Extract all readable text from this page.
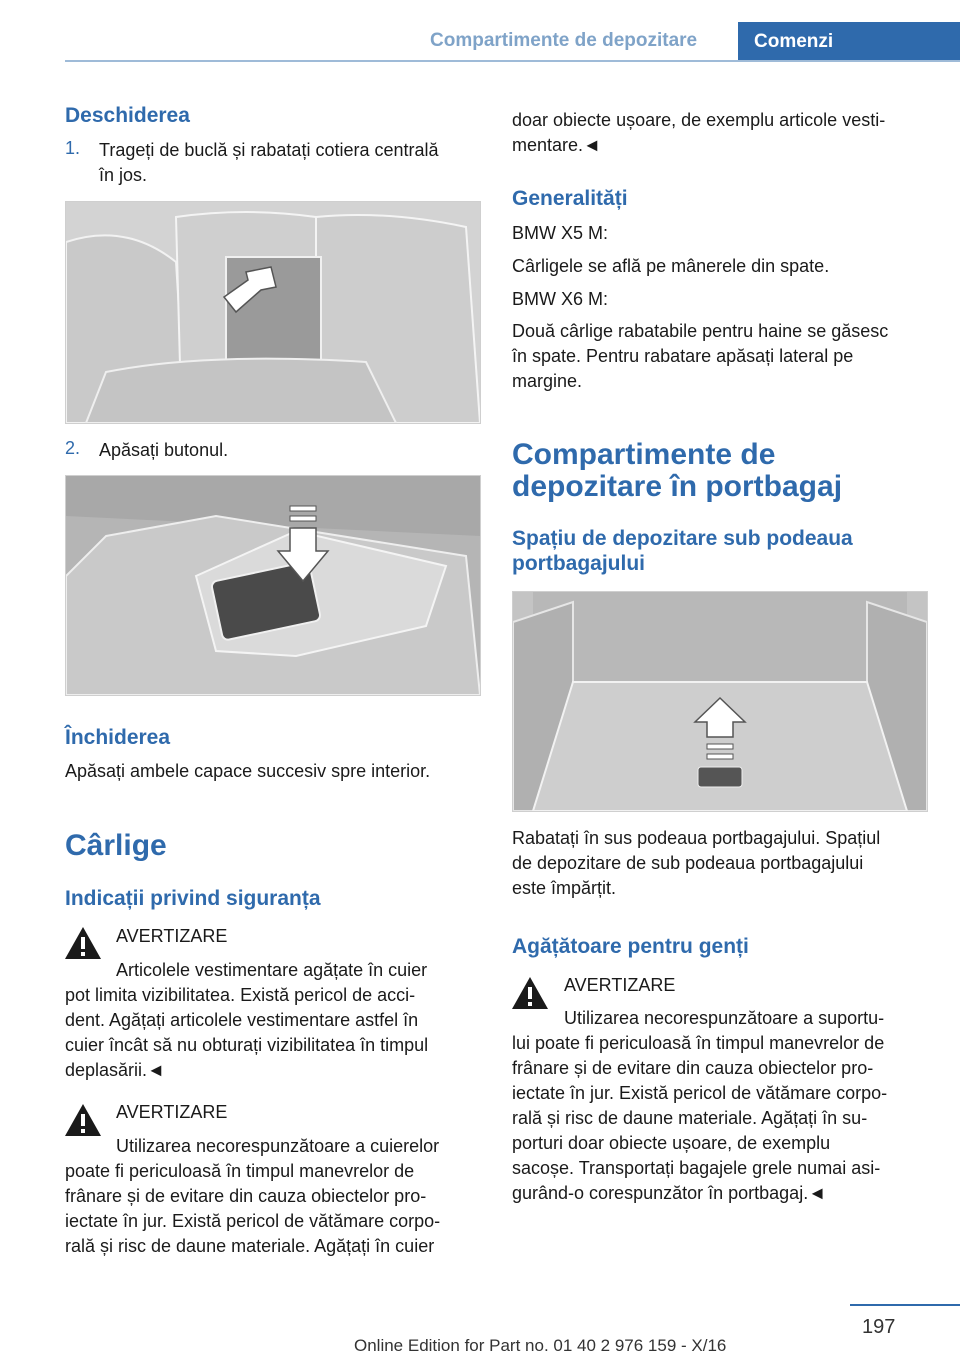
Compartimente de depozitare	Comenzi
Deschiderea
1. Trageți de buclă și rabatați cotiera centrală
în jos.
2. Apăsați butonul.
Închiderea
Apăsați ambele capace succesiv spre interior.
Cârlige
Indicații privind siguranța
AVERTIZARE
Articolele vestimentare agățate în cuier
pot limita vizibilitatea. Există pericol de acci-
dent. Agățați articolele vestimentare astfel în
cuier încât să nu obturați vizibilitatea în timpul
deplasării.◄
AVERTIZARE
Utilizarea necorespunzătoare a cuierelor
poate fi periculoasă în timpul manevrelor de
frânare și de evitare din cauza obiectelor pro-
iectate în jur. Există pericol de vătămare corpo-
rală și risc de daune materiale. Agățați în cuier
doar obiecte ușoare, de exemplu articole vesti-
mentare.◄
Generalități
BMW X5 M:
Cârligele se află pe mânerele din spate.
BMW X6 M:
Două cârlige rabatabile pentru haine se găsesc
în spate. Pentru rabatare apăsați lateral pe
margine.
Compartimente de
depozitare în portbagaj
Spațiu de depozitare sub podeaua
portbagajului
Rabatați în sus podeaua portbagajului. Spațiul
de depozitare de sub podeaua portbagajului
este împărțit.
Agățătoare pentru genți
AVERTIZARE
Utilizarea necorespunzătoare a suportu-
lui poate fi periculoasă în timpul manevrelor de
frânare și de evitare din cauza obiectelor pro-
iectate în jur. Există pericol de vătămare corpo-
rală și risc de daune materiale. Agățați în su-
porturi doar obiecte ușoare, de exemplu
sacoșe. Transportați bagajele grele numai asi-
gurând-o corespunzător în portbagaj.◄
197
Online Edition for Part no. 01 40 2 976 159 - X/16
